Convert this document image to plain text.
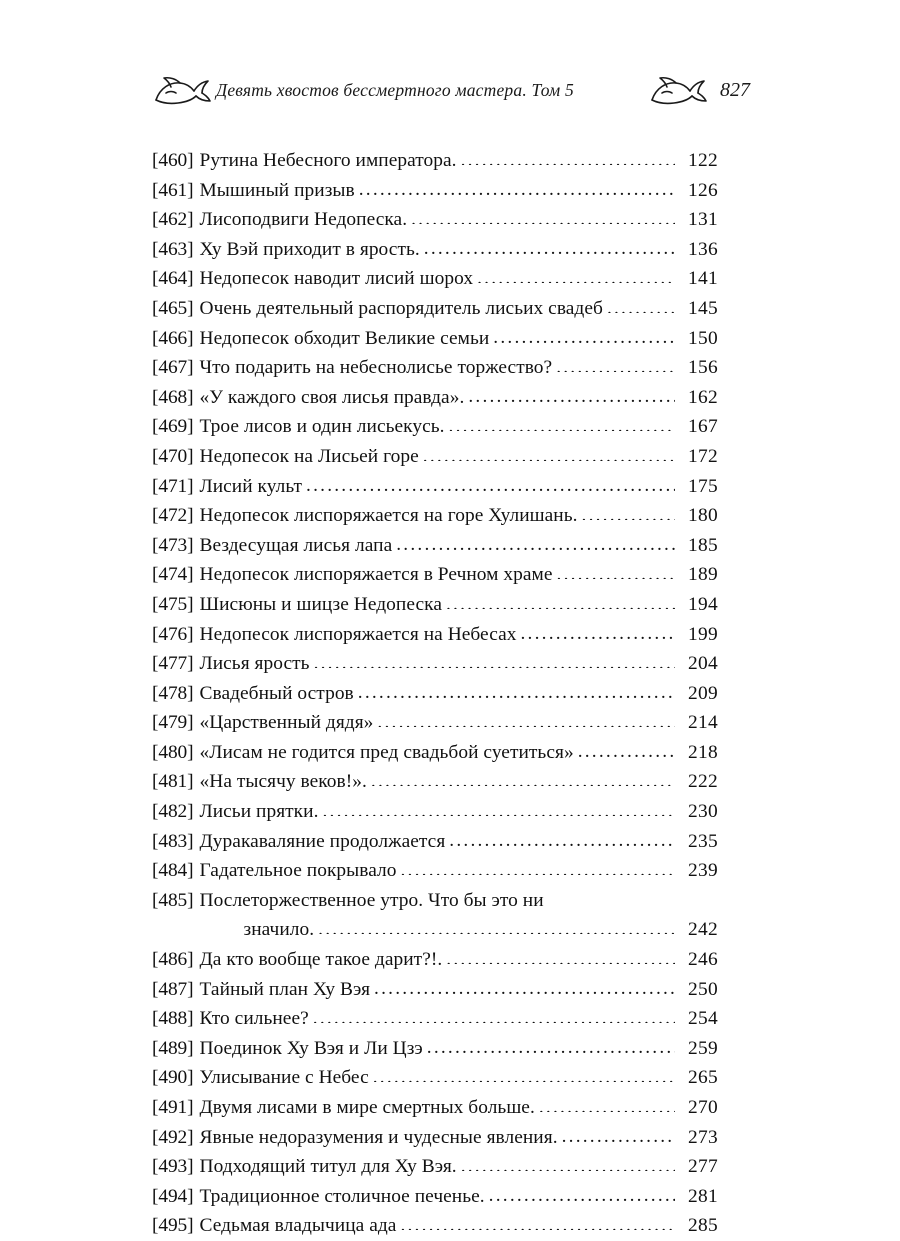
Девять хвостов бессмертного мастера. Том 5	827
[460] Рутина Небесного императора. .....	122
[461] Мышиный призыв .....	126
[462] Лисоподвиги Недопеска. .....	131
[463] Ху Вэй приходит в ярость. .....	136
[464] Недопесок наводит лисий шорох .....	141
[465] Очень деятельный распорядитель лисьих свадеб .....	145
[466] Недопесок обходит Великие семьи .....	150
[467] Что подарить на небеснолисье торжество? .....	156
[468] «У каждого своя лисья правда». .....	162
[469] Трое лисов и один лисьекусь. .....	167
[470] Недопесок на Лисьей горе .....	172
[471] Лисий культ .....	175
[472] Недопесок лиспоряжается на горе Хулишань. .....	180
[473] Вездесущая лисья лапа .....	185
[474] Недопесок лиспоряжается в Речном храме .....	189
[475] Шисюны и шицзе Недопеска .....	194
[476] Недопесок лиспоряжается на Небесах .....	199
[477] Лисья ярость .....	204
[478] Свадебный остров .....	209
[479] «Царственный дядя» .....	214
[480] «Лисам не годится пред свадьбой суетиться» .....	218
[481] «На тысячу веков!». .....	222
[482] Лисьи прятки. .....	230
[483] Дуракаваляние продолжается .....	235
[484] Гадательное покрывало .....	239
[485] Послеторжественное утро. Что бы это ни
значило. .....	242
[486] Да кто вообще такое дарит?!. .....	246
[487] Тайный план Ху Вэя .....	250
[488] Кто сильнее? .....	254
[489] Поединок Ху Вэя и Ли Цзэ .....	259
[490] Улисывание с Небес .....	265
[491] Двумя лисами в мире смертных больше. .....	270
[492] Явные недоразумения и чудесные явления. .....	273
[493] Подходящий титул для Ху Вэя. .....	277
[494] Традиционное столичное печенье. .....	281
[495] Седьмая владычица ада .....	285
